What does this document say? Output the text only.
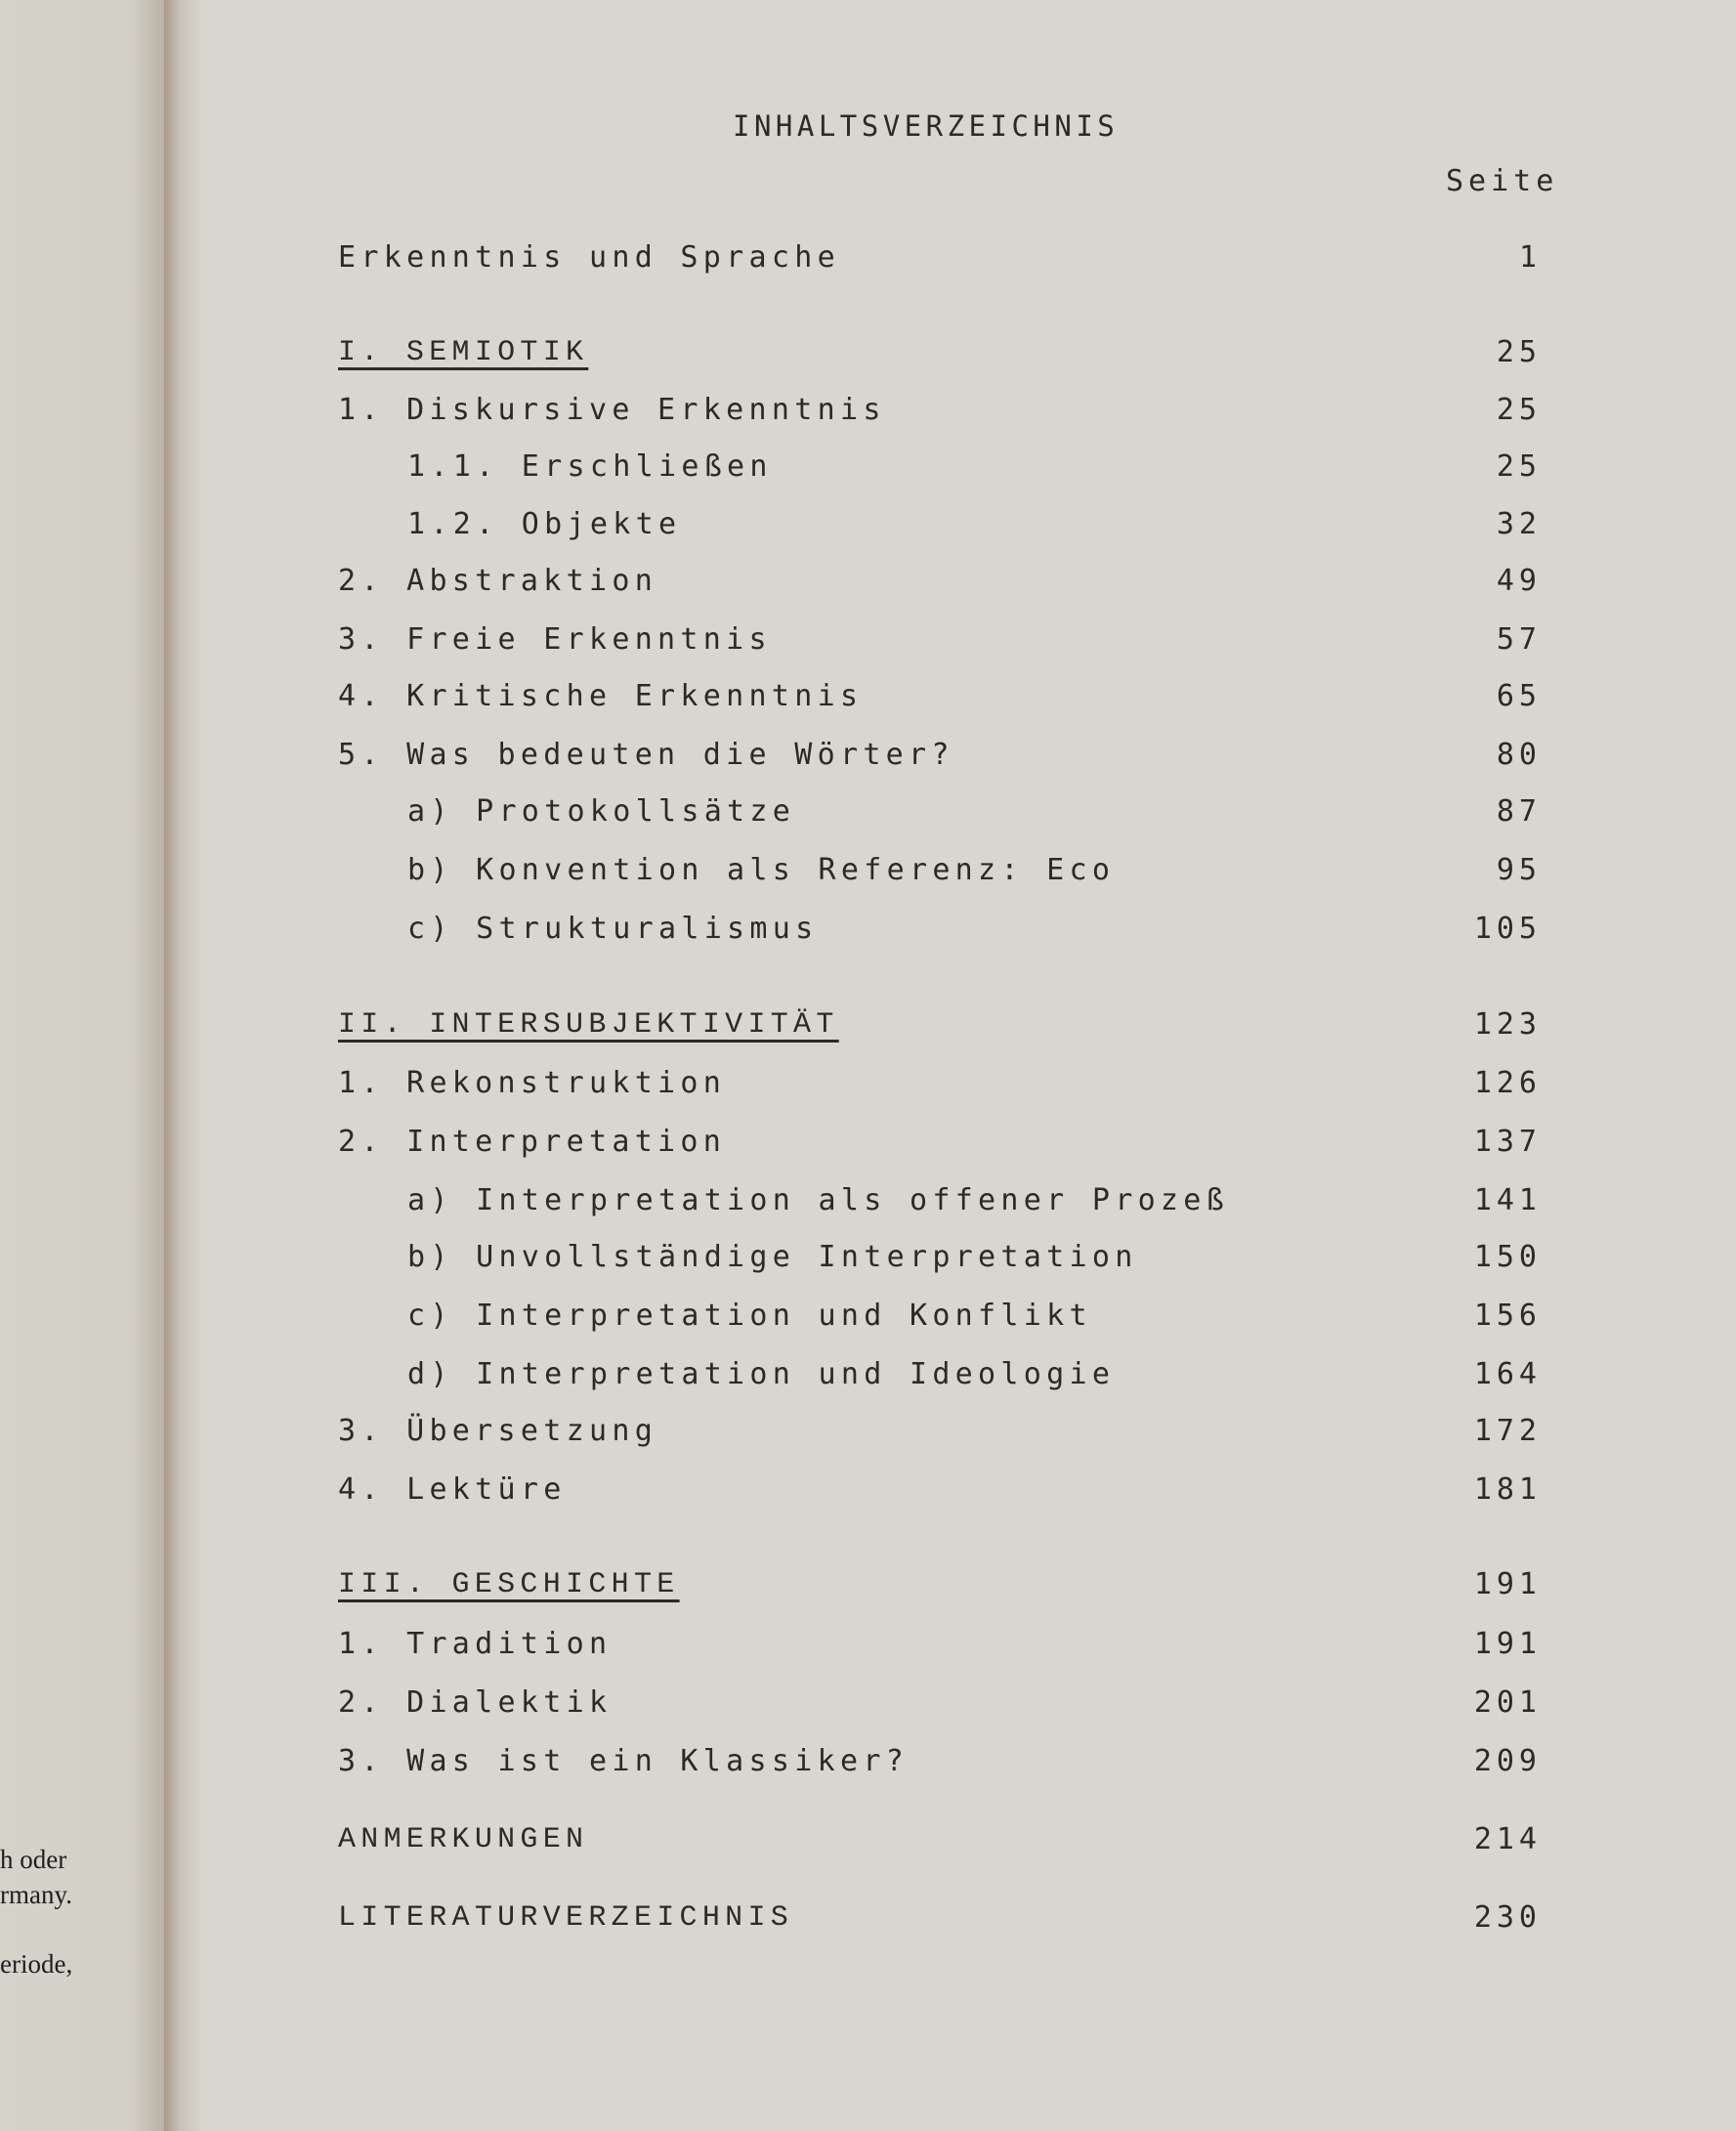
h oder
rmany.
eriode,
INHALTSVERZEICHNIS
Seite
Erkenntnis und Sprache	1
I. SEMIOTIK	25
1. Diskursive Erkenntnis	25
1.1. Erschließen	25
1.2. Objekte	32
2. Abstraktion	49
3. Freie Erkenntnis	57
4. Kritische Erkenntnis	65
5. Was bedeuten die Wörter?	80
a) Protokollsätze	87
b) Konvention als Referenz: Eco	95
c) Strukturalismus	105
II. INTERSUBJEKTIVITÄT	123
1. Rekonstruktion	126
2. Interpretation	137
a) Interpretation als offener Prozeß	141
b) Unvollständige Interpretation	150
c) Interpretation und Konflikt	156
d) Interpretation und Ideologie	164
3. Übersetzung	172
4. Lektüre	181
III. GESCHICHTE	191
1. Tradition	191
2. Dialektik	201
3. Was ist ein Klassiker?	209
ANMERKUNGEN	214
LITERATURVERZEICHNIS	230
